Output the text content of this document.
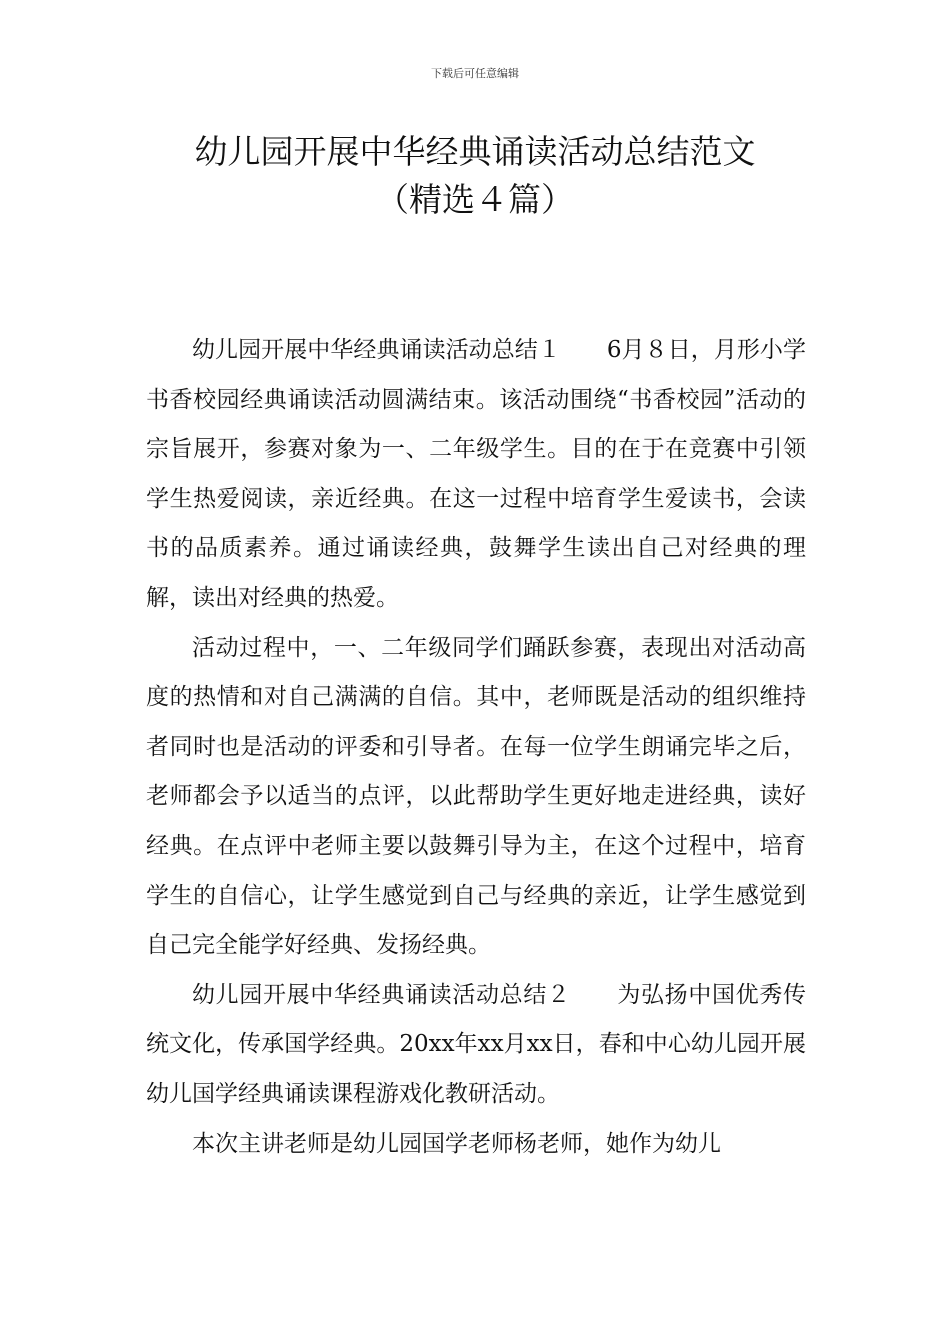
下载后可任意编辑
幼儿园开展中华经典诵读活动总结范文
（精选４篇）

幼儿园开展中华经典诵读活动总结１ 6月８日，月形小学书香校园经典诵读活动圆满结束。该活动围绕“书香校园”活动的宗旨展开，参赛对象为一、二年级学生。目的在于在竞赛中引领学生热爱阅读，亲近经典。在这一过程中培育学生爱读书，会读书的品质素养。通过诵读经典，鼓舞学生读出自己对经典的理解，读出对经典的热爱。

活动过程中，一、二年级同学们踊跃参赛，表现出对活动高度的热情和对自己满满的自信。其中，老师既是活动的组织维持者同时也是活动的评委和引导者。在每一位学生朗诵完毕之后，老师都会予以适当的点评，以此帮助学生更好地走进经典，读好经典。在点评中老师主要以鼓舞引导为主，在这个过程中，培育学生的自信心，让学生感觉到自己与经典的亲近，让学生感觉到自己完全能学好经典、发扬经典。

幼儿园开展中华经典诵读活动总结２ 为弘扬中国优秀传统文化，传承国学经典。20xx年xx月xx日，春和中心幼儿园开展幼儿国学经典诵读课程游戏化教研活动。

本次主讲老师是幼儿园国学老师杨老师，她作为幼儿
